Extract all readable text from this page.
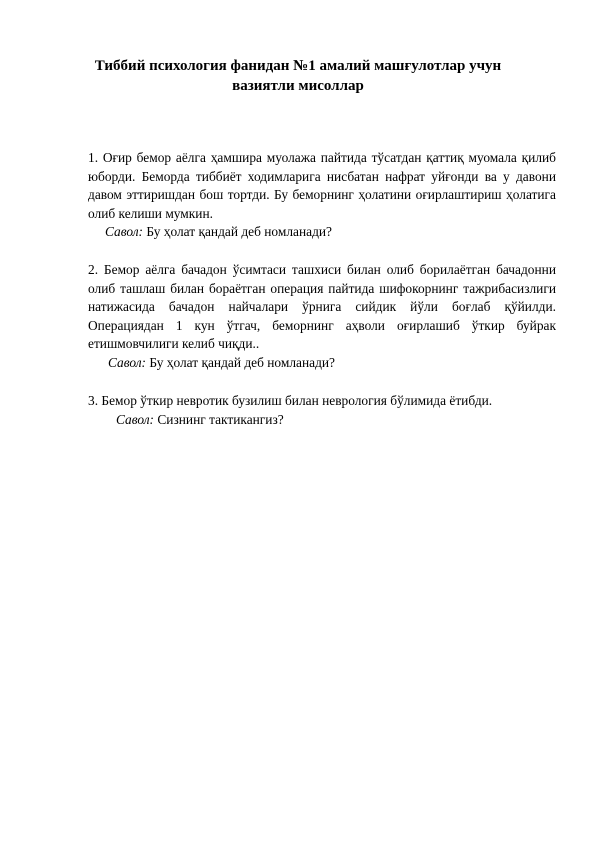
Тиббий психология фанидан №1 амалий машғулотлар учун
вазиятли мисоллар

1. Оғир бемор аёлга ҳамшира муолажа пайтида тўсатдан қаттиқ муомала қилиб юборди. Беморда тиббиёт ходимларига нисбатан нафрат уйғонди ва у давони давом эттиришдан бош тортди. Бу беморнинг ҳолатини оғирлаштириш ҳолатига олиб келиши мумкин.

Савол: Бу ҳолат қандай деб номланади?

2. Бемор аёлга бачадон ўсимтаси ташхиси билан олиб борилаётган бачадонни олиб ташлаш билан бораётган операция пайтида шифокорнинг тажрибасизлиги натижасида бачадон найчалари ўрнига сийдик йўли боғлаб қўйилди. Операциядан 1 кун ўтгач, беморнинг аҳволи оғирлашиб ўткир буйрак етишмовчилиги келиб чиқди..

Савол: Бу ҳолат қандай деб номланади?

3. Бемор ўткир невротик бузилиш билан неврология бўлимида ётибди.

Савол: Сизнинг тактикангиз?
